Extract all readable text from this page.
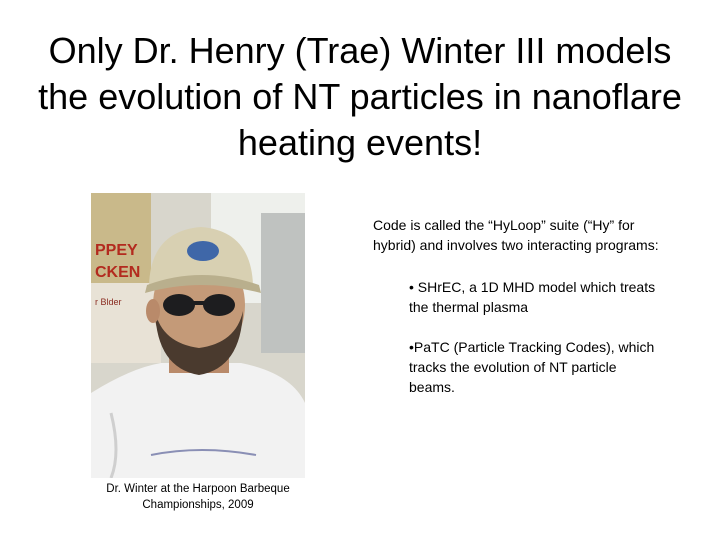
Only Dr. Henry (Trae) Winter III models the evolution of NT particles in nanoflare heating events!
PPEY
CKEN
r Blder
Dr. Winter at the Harpoon Barbeque Championships, 2009
Code is called the “HyLoop” suite (“Hy” for hybrid) and involves two interacting programs:
• SHrEC, a 1D MHD model which treats the thermal plasma
•PaTC (Particle Tracking Codes), which tracks the evolution of NT particle beams.
